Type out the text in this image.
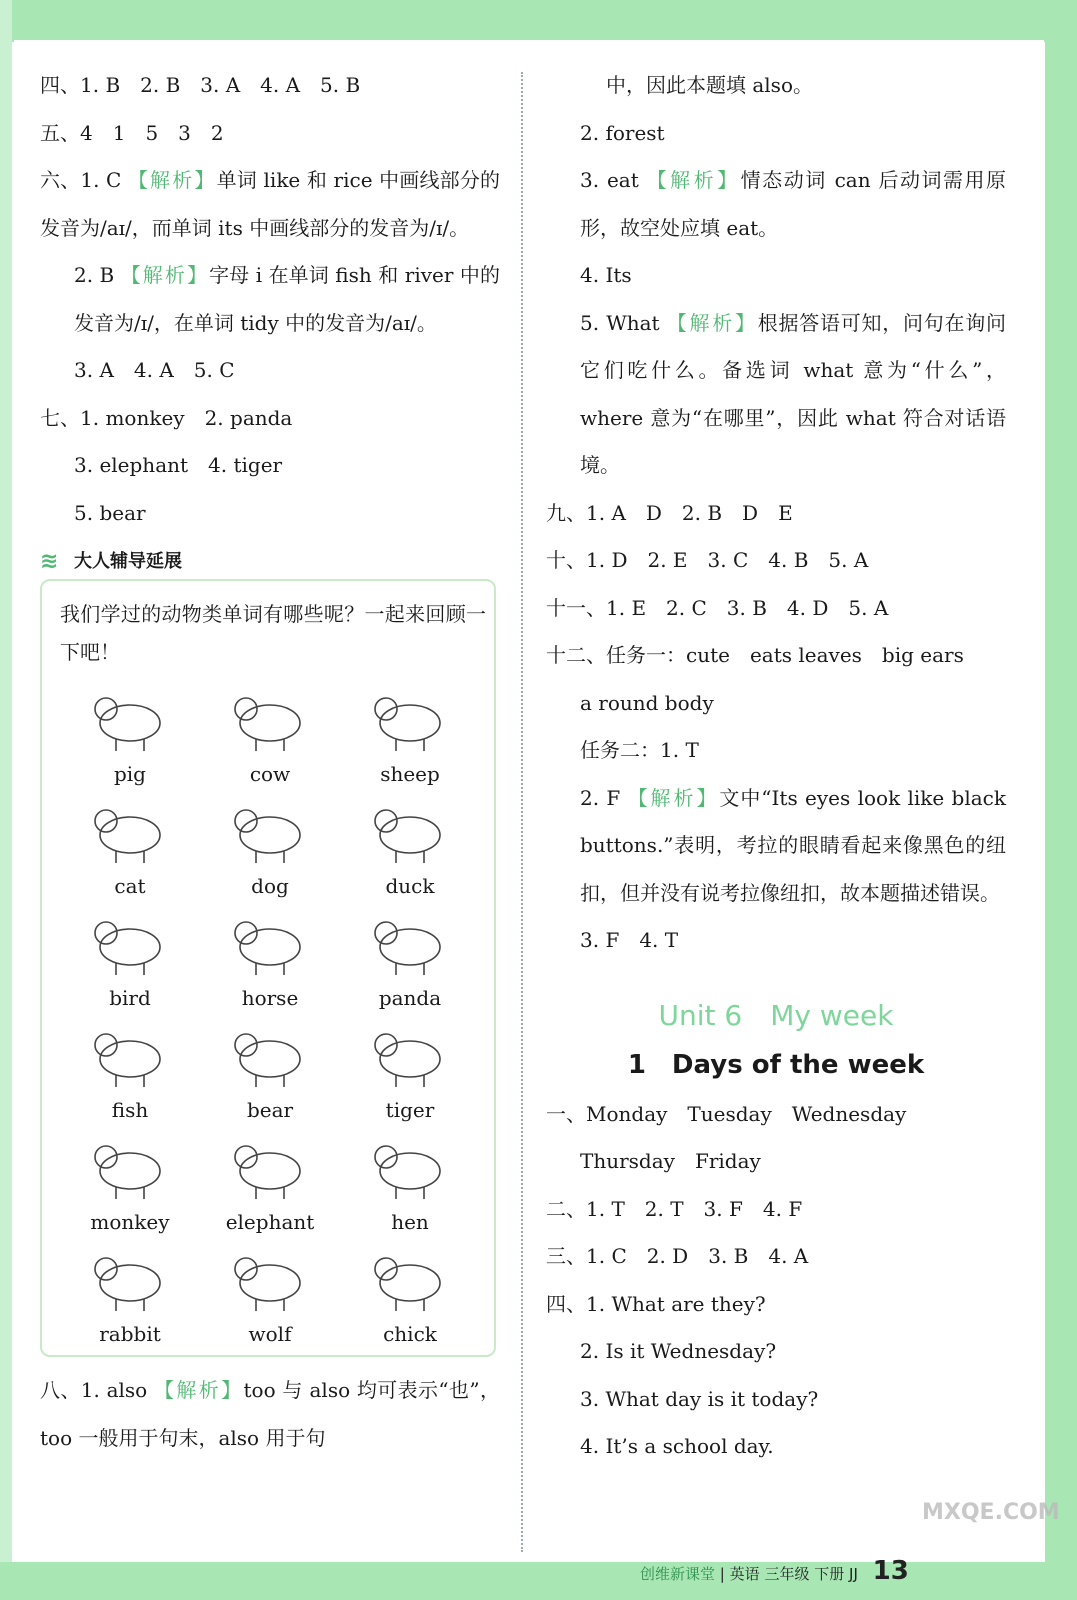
四、1. B　2. B　3. A　4. A　5. B
五、4　1　5　3　2
六、1. C 【解析】单词 like 和 rice 中画线部分的发音为/aɪ/，而单词 its 中画线部分的发音为/ɪ/。
2. B 【解析】字母 i 在单词 fish 和 river 中的发音为/ɪ/，在单词 tidy 中的发音为/aɪ/。
3. A　4. A　5. C
七、1. monkey　2. panda
3. elephant　4. tiger
5. bear
≋ 大人辅导延展
我们学过的动物类单词有哪些呢？一起来回顾一下吧！
pig	cow	sheep
cat	dog	duck
bird	horse	panda
fish	bear	tiger
monkey	elephant	hen
rabbit	wolf	chick
八、1. also 【解析】too 与 also 均可表示“也”，too 一般用于句末，also 用于句
中，因此本题填 also。
2. forest
3. eat 【解析】情态动词 can 后动词需用原形，故空处应填 eat。
4. Its
5. What 【解析】根据答语可知，问句在询问它们吃什么。备选词 what 意为“什么”，where 意为“在哪里”，因此 what 符合对话语境。
九、1. A　D　2. B　D　E
十、1. D　2. E　3. C　4. B　5. A
十一、1. E　2. C　3. B　4. D　5. A
十二、任务一：cute　eats leaves　big ears
a round body
任务二：1. T
2. F 【解析】文中“Its eyes look like black buttons.”表明，考拉的眼睛看起来像黑色的纽扣，但并没有说考拉像纽扣，故本题描述错误。
3. F　4. T
Unit 6　My week
1　Days of the week
一、Monday　Tuesday　Wednesday
Thursday　Friday
二、1. T　2. T　3. F　4. F
三、1. C　2. D　3. B　4. A
四、1. What are they?
2. Is it Wednesday?
3. What day is it today?
4. It’s a school day.
MXQE.COM
创维新课堂 | 英语 三年级 下册 JJ 13
